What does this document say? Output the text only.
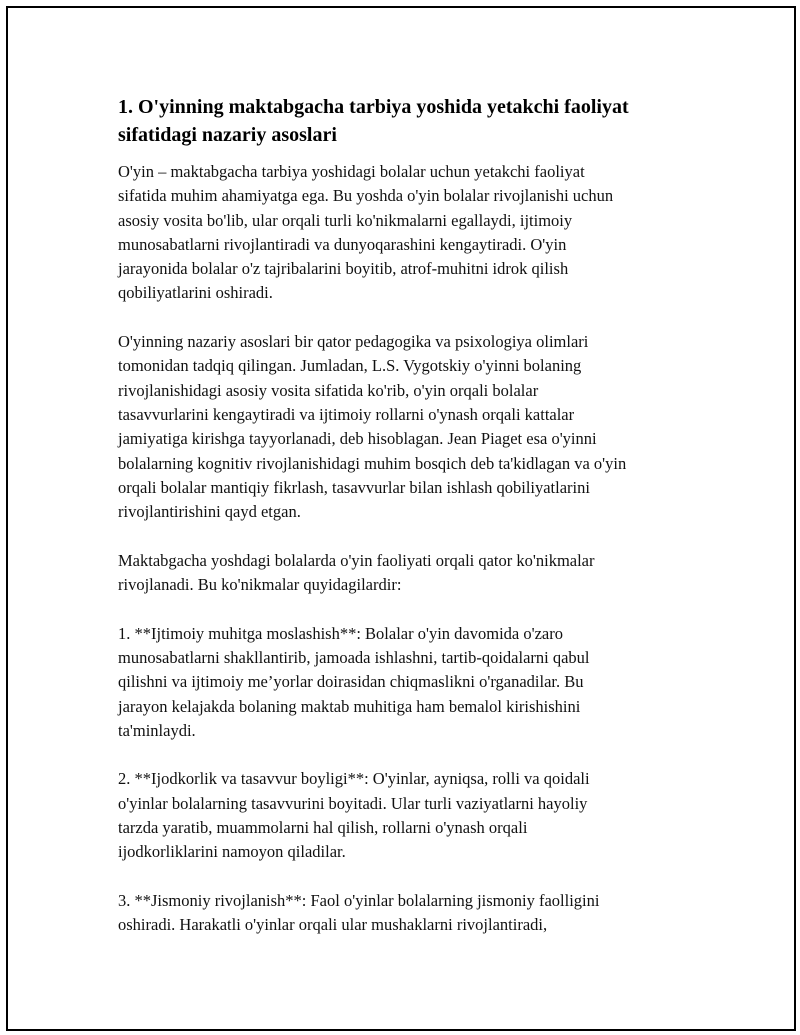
1. O'yinning maktabgacha tarbiya yoshida yetakchi faoliyat
sifatidagi nazariy asoslari

O'yin – maktabgacha tarbiya yoshidagi bolalar uchun yetakchi faoliyat
sifatida muhim ahamiyatga ega. Bu yoshda o'yin bolalar rivojlanishi uchun
asosiy vosita bo'lib, ular orqali turli ko'nikmalarni egallaydi, ijtimoiy
munosabatlarni rivojlantiradi va dunyoqarashini kengaytiradi. O'yin
jarayonida bolalar o'z tajribalarini boyitib, atrof-muhitni idrok qilish
qobiliyatlarini oshiradi.

O'yinning nazariy asoslari bir qator pedagogika va psixologiya olimlari
tomonidan tadqiq qilingan. Jumladan, L.S. Vygotskiy o'yinni bolaning
rivojlanishidagi asosiy vosita sifatida ko'rib, o'yin orqali bolalar
tasavvurlarini kengaytiradi va ijtimoiy rollarni o'ynash orqali kattalar
jamiyatiga kirishga tayyorlanadi, deb hisoblagan. Jean Piaget esa o'yinni
bolalarning kognitiv rivojlanishidagi muhim bosqich deb ta'kidlagan va o'yin
orqali bolalar mantiqiy fikrlash, tasavvurlar bilan ishlash qobiliyatlarini
rivojlantirishini qayd etgan.

Maktabgacha yoshdagi bolalarda o'yin faoliyati orqali qator ko'nikmalar
rivojlanadi. Bu ko'nikmalar quyidagilardir:

1. **Ijtimoiy muhitga moslashish**: Bolalar o'yin davomida o'zaro
munosabatlarni shakllantirib, jamoada ishlashni, tartib-qoidalarni qabul
qilishni va ijtimoiy me’yorlar doirasidan chiqmaslikni o'rganadilar. Bu
jarayon kelajakda bolaning maktab muhitiga ham bemalol kirishishini
ta'minlaydi.

2. **Ijodkorlik va tasavvur boyligi**: O'yinlar, ayniqsa, rolli va qoidali
o'yinlar bolalarning tasavvurini boyitadi. Ular turli vaziyatlarni hayoliy
tarzda yaratib, muammolarni hal qilish, rollarni o'ynash orqali
ijodkorliklarini namoyon qiladilar.

3. **Jismoniy rivojlanish**: Faol o'yinlar bolalarning jismoniy faolligini
oshiradi. Harakatli o'yinlar orqali ular mushaklarni rivojlantiradi,
